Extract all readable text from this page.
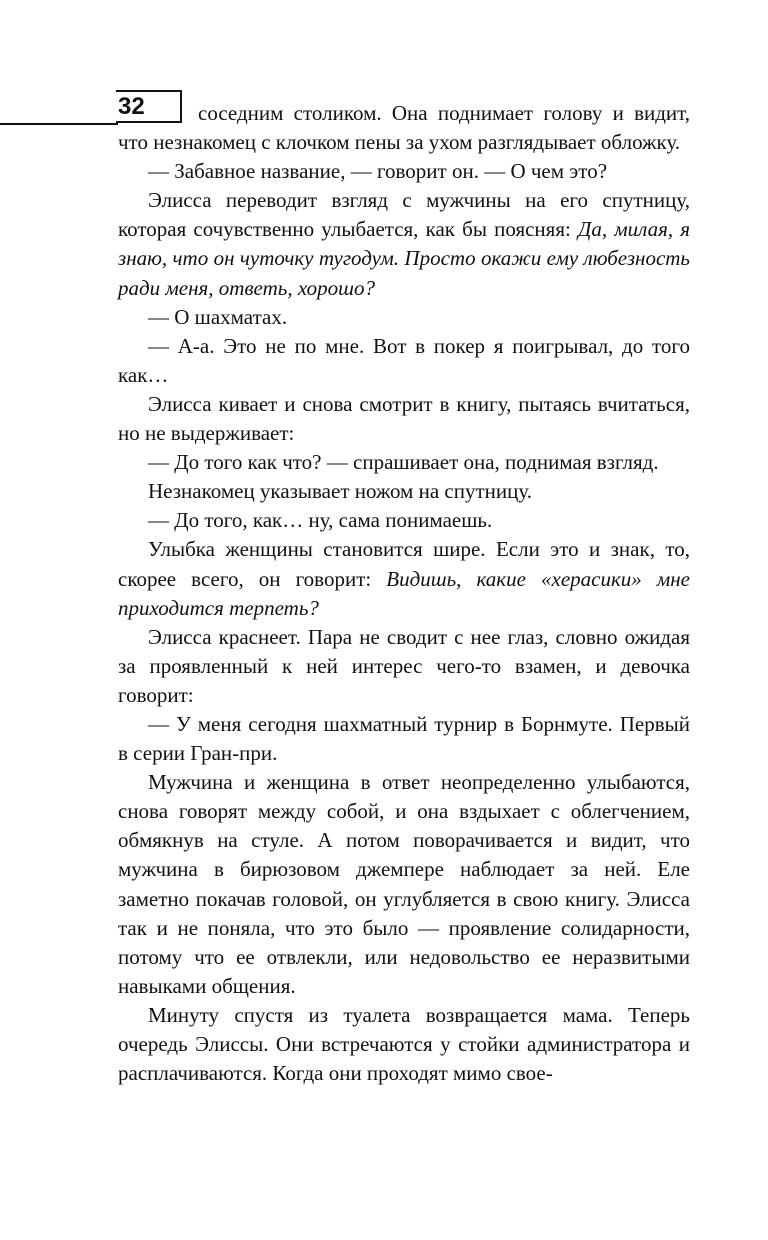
32	соседним столиком. Она поднимает голову и видит, что незнакомец с клочком пены за ухом разглядывает обложку.

— Забавное название, — говорит он. — О чем это?

Элисса переводит взгляд с мужчины на его спутницу, которая сочувственно улыбается, как бы поясняя: Да, милая, я знаю, что он чуточку тугодум. Просто окажи ему любезность ради меня, ответь, хорошо?

— О шахматах.

— А-а. Это не по мне. Вот в покер я поигрывал, до того как…

Элисса кивает и снова смотрит в книгу, пытаясь вчитаться, но не выдерживает:

— До того как что? — спрашивает она, поднимая взгляд.

Незнакомец указывает ножом на спутницу.

— До того, как… ну, сама понимаешь.

Улыбка женщины становится шире. Если это и знак, то, скорее всего, он говорит: Видишь, какие «херасики» мне приходится терпеть?

Элисса краснеет. Пара не сводит с нее глаз, словно ожидая за проявленный к ней интерес чего-то взамен, и девочка говорит:

— У меня сегодня шахматный турнир в Борнмуте. Первый в серии Гран-при.

Мужчина и женщина в ответ неопределенно улыбаются, снова говорят между собой, и она вздыхает с облегчением, обмякнув на стуле. А потом поворачивается и видит, что мужчина в бирюзовом джемпере наблюдает за ней. Еле заметно покачав головой, он углубляется в свою книгу. Элисса так и не поняла, что это было — проявление солидарности, потому что ее отвлекли, или недовольство ее неразвитыми навыками общения.

Минуту спустя из туалета возвращается мама. Теперь очередь Элиссы. Они встречаются у стойки администратора и расплачиваются. Когда они проходят мимо свое-
